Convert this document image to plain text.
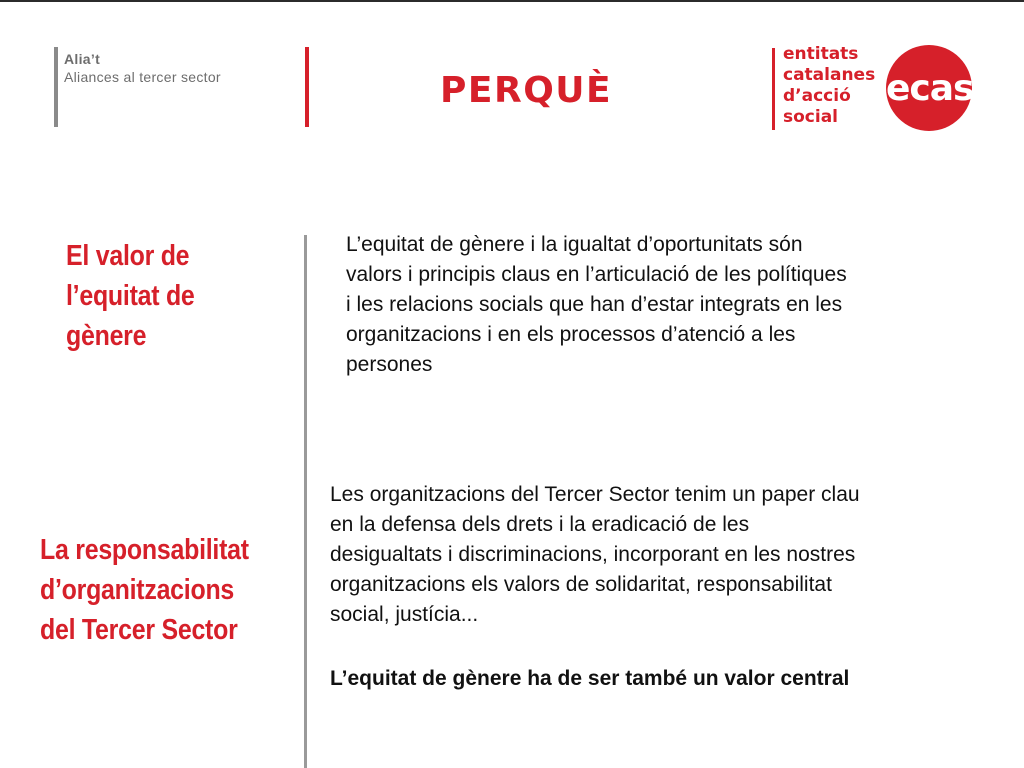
Alia’t
Aliances al tercer sector	PERQUÈ
entitats
catalanes
d’acció
social
ecas
El valor de
l’equitat de
gènere
L’equitat de gènere i la igualtat d’oportunitats són
valors i principis claus en l’articulació de les polítiques
i les relacions socials que han d’estar integrats en les
organitzacions i en els processos d’atenció a les
persones
La responsabilitat
d’organitzacions
del Tercer Sector
Les organitzacions del Tercer Sector tenim un paper clau
en la defensa dels drets i la eradicació de les
desigualtats i discriminacions, incorporant en les nostres
organitzacions els valors de solidaritat, responsabilitat
social, justícia...
L’equitat de gènere ha de ser també un valor central
